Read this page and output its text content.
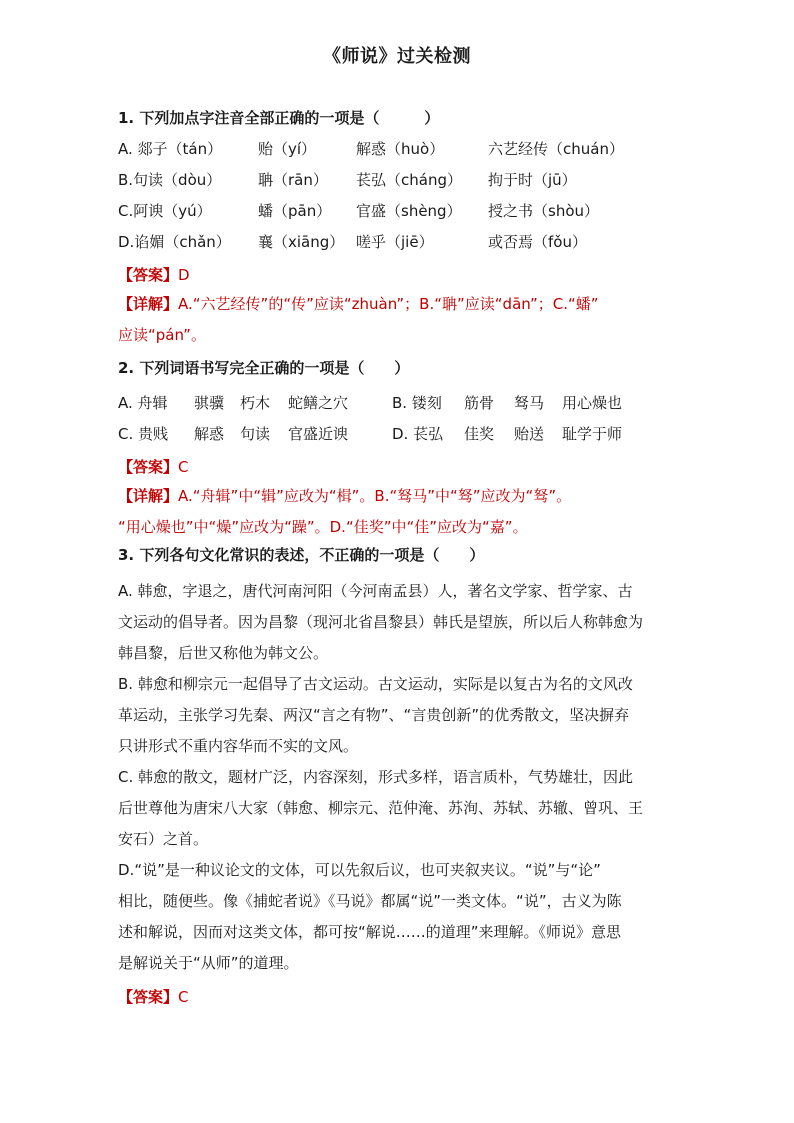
《师说》过关检测
1. 下列加点字注音全部正确的一项是（　　　）
A. 郯子（tán） 贻（yí）	解惑（huò）	六艺经传（chuán）
B.句读（dòu） 聃（rān） 苌弘（cháng） 拘于时（jū）
C.阿谀（yú）	蟠（pān） 官盛（shèng） 授之书（shòu）
D.谄媚（chǎn） 襄（xiāng） 嗟乎（jiē）	或否焉（fǒu）
【答案】D
【详解】A.“六艺经传”的“传”应读“zhuàn”；B.“聃”应读“dān”；C.“蟠”
应读“pán”。
2. 下列词语书写完全正确的一项是（　　）
A. 舟辑 骐骥 朽木 蛇鳝之穴	B. 镂刻 筋骨 驽马 用心燥也
C. 贵贱 解惑 句读 官盛近谀	D. 苌弘 佳奖 贻送 耻学于师
【答案】C
【详解】A.“舟辑”中“辑”应改为“楫”。B.“驽马”中“驽”应改为“驽”。
“用心燥也”中“燥”应改为“躁”。D.“佳奖”中“佳”应改为“嘉”。
3. 下列各句文化常识的表述，不正确的一项是（　　）
A. 韩愈，字退之，唐代河南河阳（今河南孟县）人，著名文学家、哲学家、古
文运动的倡导者。因为昌黎（现河北省昌黎县）韩氏是望族，所以后人称韩愈为
韩昌黎，后世又称他为韩文公。
B. 韩愈和柳宗元一起倡导了古文运动。古文运动，实际是以复古为名的文风改
革运动，主张学习先秦、两汉“言之有物”、“言贵创新”的优秀散文，坚决摒弃
只讲形式不重内容华而不实的文风。
C. 韩愈的散文，题材广泛，内容深刻，形式多样，语言质朴，气势雄壮，因此
后世尊他为唐宋八大家（韩愈、柳宗元、范仲淹、苏洵、苏轼、苏辙、曾巩、王
安石）之首。
D.“说”是一种议论文的文体，可以先叙后议，也可夹叙夹议。“说”与“论”
相比，随便些。像《捕蛇者说》《马说》都属“说”一类文体。“说”，古义为陈
述和解说，因而对这类文体，都可按“解说……的道理”来理解。《师说》意思
是解说关于“从师”的道理。
【答案】C
